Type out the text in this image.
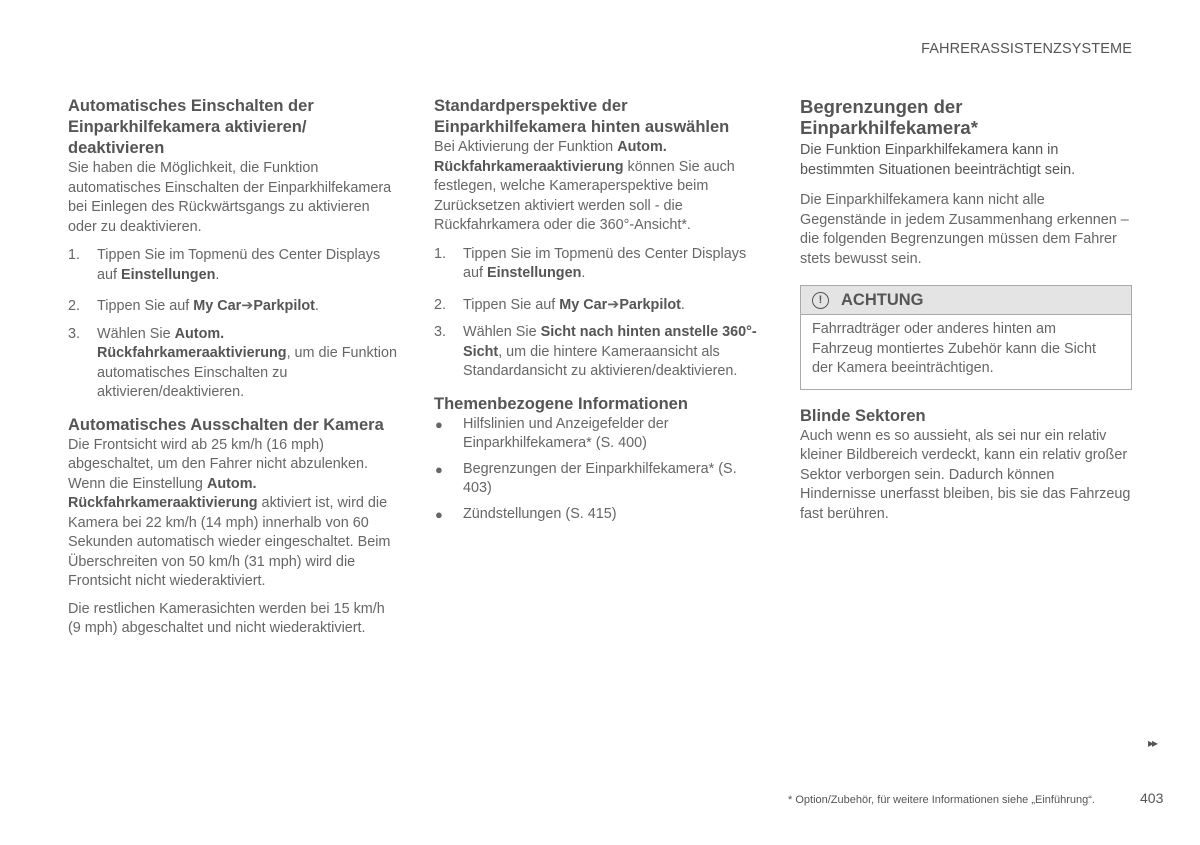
FAHRERASSISTENZSYSTEME
Automatisches Einschalten der Einparkhilfekamera aktivieren/ deaktivieren

Sie haben die Möglichkeit, die Funktion automatisches Einschalten der Einparkhilfekamera bei Einlegen des Rückwärtsgangs zu aktivieren oder zu deaktivieren.

1. Tippen Sie im Topmenü des Center Displays auf Einstellungen.
2. Tippen Sie auf My Car➔Parkpilot.
3. Wählen Sie Autom. Rückfahrkameraaktivierung, um die Funktion automatisches Einschalten zu aktivieren/deaktivieren.
Automatisches Ausschalten der Kamera

Die Frontsicht wird ab 25 km/h (16 mph) abgeschaltet, um den Fahrer nicht abzulenken. Wenn die Einstellung Autom. Rückfahrkameraaktivierung aktiviert ist, wird die Kamera bei 22 km/h (14 mph) innerhalb von 60 Sekunden automatisch wieder eingeschaltet. Beim Überschreiten von 50 km/h (31 mph) wird die Frontsicht nicht wiederaktiviert.

Die restlichen Kamerasichten werden bei 15 km/h (9 mph) abgeschaltet und nicht wiederaktiviert.

Standardperspektive der Einparkhilfekamera hinten auswählen

Bei Aktivierung der Funktion Autom. Rückfahrkameraaktivierung können Sie auch festlegen, welche Kameraperspektive beim Zurücksetzen aktiviert werden soll - die Rückfahrkamera oder die 360°-Ansicht*.

1. Tippen Sie im Topmenü des Center Displays auf Einstellungen.
2. Tippen Sie auf My Car➔Parkpilot.
3. Wählen Sie Sicht nach hinten anstelle 360°-Sicht, um die hintere Kameraansicht als Standardansicht zu aktivieren/deaktivieren.
Themenbezogene Informationen
● Hilfslinien und Anzeigefelder der Einparkhilfekamera* (S. 400)
● Begrenzungen der Einparkhilfekamera* (S. 403)
● Zündstellungen (S. 415)
Begrenzungen der Einparkhilfekamera*

Die Funktion Einparkhilfekamera kann in bestimmten Situationen beeinträchtigt sein.

Die Einparkhilfekamera kann nicht alle Gegenstände in jedem Zusammenhang erkennen – die folgenden Begrenzungen müssen dem Fahrer stets bewusst sein.

!	ACHTUNG

Fahrradträger oder anderes hinten am Fahrzeug montiertes Zubehör kann die Sicht der Kamera beeinträchtigen.

Blinde Sektoren

Auch wenn es so aussieht, als sei nur ein relativ kleiner Bildbereich verdeckt, kann ein relativ großer Sektor verborgen sein. Dadurch können Hindernisse unerfasst bleiben, bis sie das Fahrzeug fast berühren.

▸▸
* Option/Zubehör, für weitere Informationen siehe „Einführung“.	403
